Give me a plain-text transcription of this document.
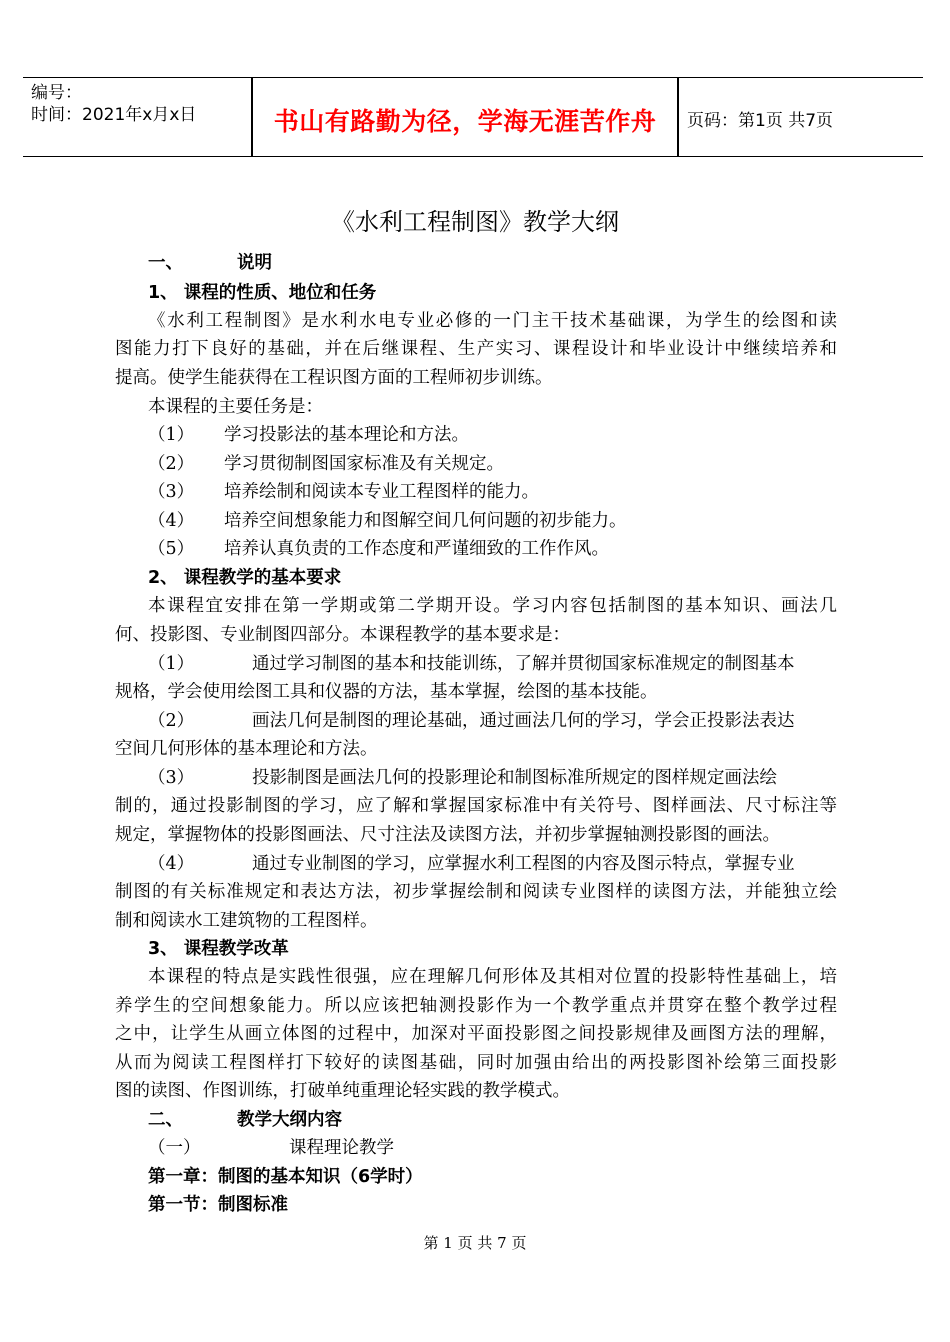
编号：
时间：2021年x月x日	书山有路勤为径，学海无涯苦作舟	页码：第1页 共7页
《水利工程制图》教学大纲
一、	说明
1、 课程的性质、地位和任务
《水利工程制图》是水利水电专业必修的一门主干技术基础课，为学生的绘图和读
图能力打下良好的基础，并在后继课程、生产实习、课程设计和毕业设计中继续培养和
提高。使学生能获得在工程识图方面的工程师初步训练。
本课程的主要任务是：
（1） 学习投影法的基本理论和方法。
（2） 学习贯彻制图国家标准及有关规定。
（3） 培养绘制和阅读本专业工程图样的能力。
（4） 培养空间想象能力和图解空间几何问题的初步能力。
（5） 培养认真负责的工作态度和严谨细致的工作作风。
2、 课程教学的基本要求
本课程宜安排在第一学期或第二学期开设。学习内容包括制图的基本知识、画法几
何、投影图、专业制图四部分。本课程教学的基本要求是：
（1）	通过学习制图的基本和技能训练，了解并贯彻国家标准规定的制图基本
规格，学会使用绘图工具和仪器的方法，基本掌握，绘图的基本技能。
（2）	画法几何是制图的理论基础，通过画法几何的学习，学会正投影法表达
空间几何形体的基本理论和方法。
（3）	投影制图是画法几何的投影理论和制图标准所规定的图样规定画法绘
制的，通过投影制图的学习，应了解和掌握国家标准中有关符号、图样画法、尺寸标注等
规定，掌握物体的投影图画法、尺寸注法及读图方法，并初步掌握轴测投影图的画法。
（4）	通过专业制图的学习，应掌握水利工程图的内容及图示特点，掌握专业
制图的有关标准规定和表达方法，初步掌握绘制和阅读专业图样的读图方法，并能独立绘
制和阅读水工建筑物的工程图样。
3、 课程教学改革
本课程的特点是实践性很强，应在理解几何形体及其相对位置的投影特性基础上，培
养学生的空间想象能力。所以应该把轴测投影作为一个教学重点并贯穿在整个教学过程
之中，让学生从画立体图的过程中，加深对平面投影图之间投影规律及画图方法的理解，
从而为阅读工程图样打下较好的读图基础，同时加强由给出的两投影图补绘第三面投影
图的读图、作图训练，打破单纯重理论轻实践的教学模式。
二、	教学大纲内容
（一）	课程理论教学
第一章：制图的基本知识（6学时）
第一节：制图标准
第 1 页 共 7 页
